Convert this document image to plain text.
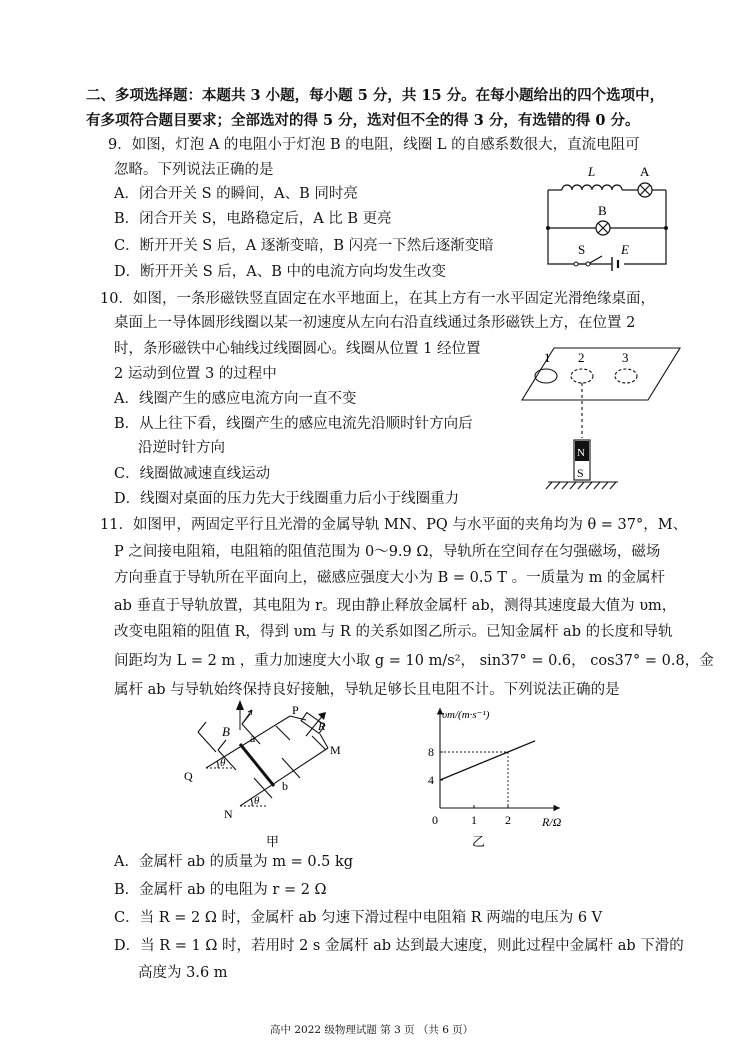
二、多项选择题：本题共 3 小题，每小题 5 分，共 15 分。在每小题给出的四个选项中，
有多项符合题目要求；全部选对的得 5 分，选对但不全的得 3 分，有选错的得 0 分。
9．如图，灯泡 A 的电阻小于灯泡 B 的电阻，线圈 L 的自感系数很大，直流电阻可
忽略。下列说法正确的是
A．闭合开关 S 的瞬间，A、B 同时亮
B．闭合开关 S，电路稳定后，A 比 B 更亮
C．断开开关 S 后，A 逐渐变暗，B 闪亮一下然后逐渐变暗
D．断开开关 S 后，A、B 中的电流方向均发生改变
L	A
B
S	E
10．如图，一条形磁铁竖直固定在水平地面上，在其上方有一水平固定光滑绝缘桌面，
桌面上一导体圆形线圈以某一初速度从左向右沿直线通过条形磁铁上方，在位置 2
时，条形磁铁中心轴线过线圈圆心。线圈从位置 1 经位置
2 运动到位置 3 的过程中
A．线圈产生的感应电流方向一直不变
B．从上往下看，线圈产生的感应电流先沿顺时针方向后
沿逆时针方向
C．线圈做减速直线运动
D．线圈对桌面的压力先大于线圈重力后小于线圈重力
1 2	3
N
S
11．如图甲，两固定平行且光滑的金属导轨 MN、PQ 与水平面的夹角均为 θ = 37°，M、
P 之间接电阻箱，电阻箱的阻值范围为 0～9.9 Ω，导轨所在空间存在匀强磁场，磁场
方向垂直于导轨所在平面向上，磁感应强度大小为 B = 0.5 T 。一质量为 m 的金属杆
ab 垂直于导轨放置，其电阻为 r。现由静止释放金属杆 ab，测得其速度最大值为 υm，
改变电阻箱的阻值 R，得到 υm 与 R 的关系如图乙所示。已知金属杆 ab 的长度和导轨
间距均为 L = 2 m ，重力加速度大小取 g = 10 m/s²， sin37° = 0.6， cos37° = 0.8，金
属杆 ab 与导轨始终保持良好接触，导轨足够长且电阻不计。下列说法正确的是
B
P
R
M
a
b
Q
N
θ
θ
甲
υm/(m·s⁻¹)
R/Ω
0	1 2
4
8
乙
A．金属杆 ab 的质量为 m = 0.5 kg
B．金属杆 ab 的电阻为 r = 2 Ω
C．当 R = 2 Ω 时，金属杆 ab 匀速下滑过程中电阻箱 R 两端的电压为 6 V
D．当 R = 1 Ω 时，若用时 2 s 金属杆 ab 达到最大速度，则此过程中金属杆 ab 下滑的
高度为 3.6 m
高中 2022 级物理试题 第 3 页 （共 6 页）
